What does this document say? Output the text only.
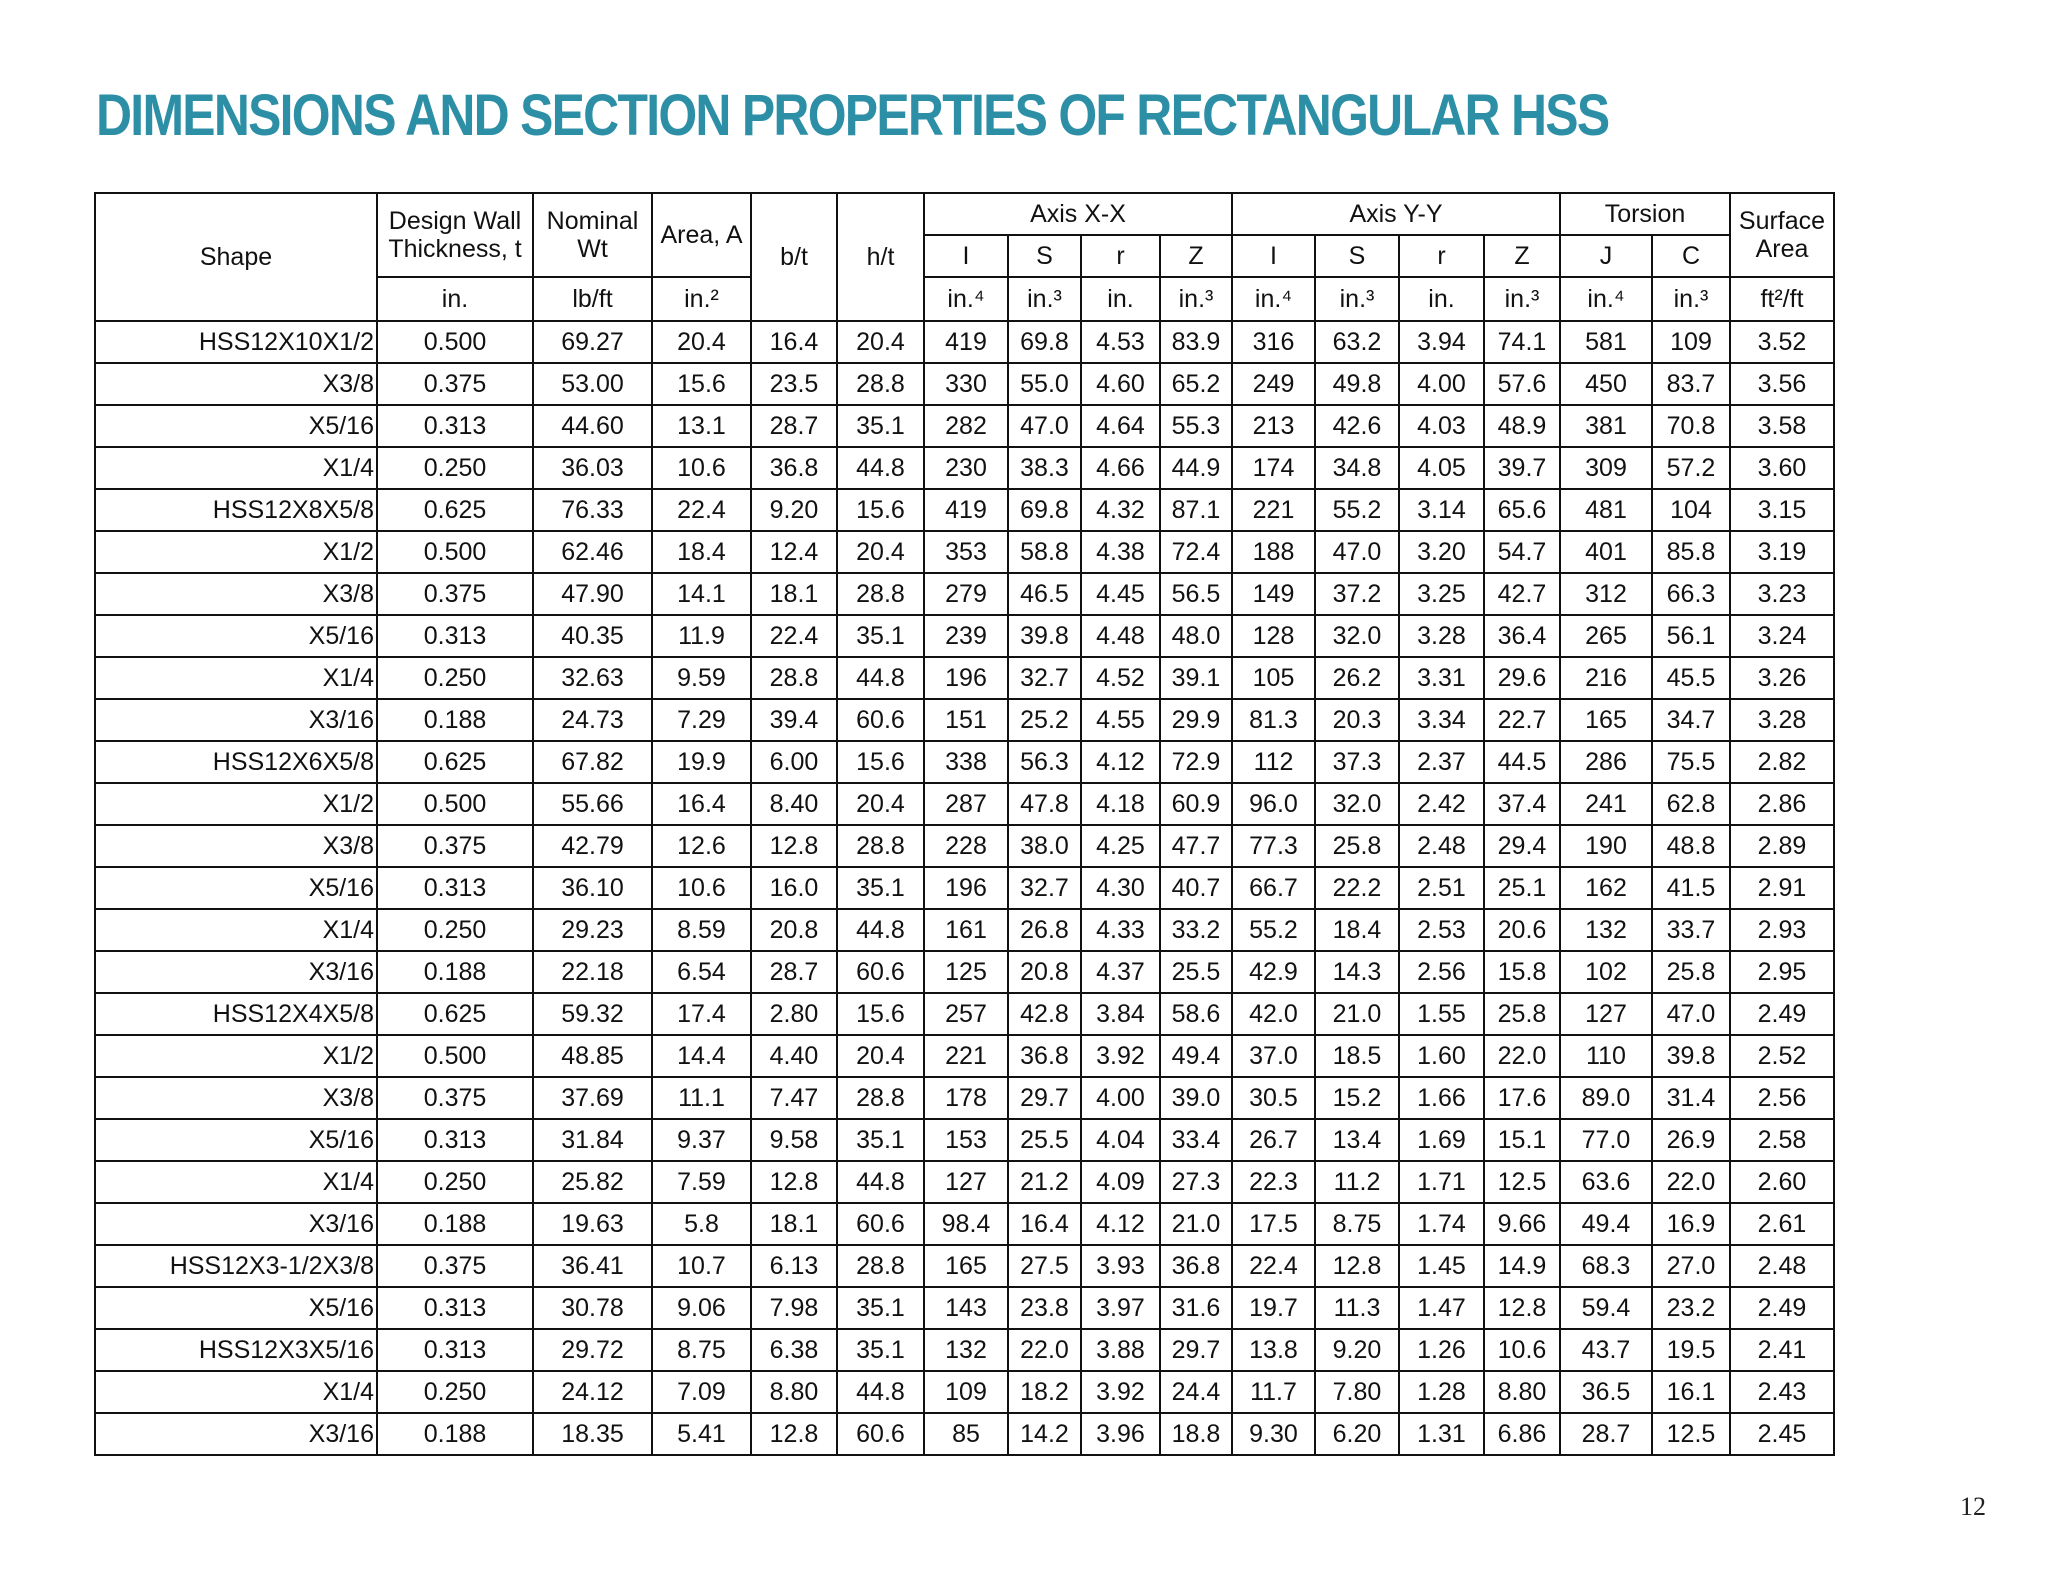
DIMENSIONS AND SECTION PROPERTIES OF RECTANGULAR HSS
Shape	Design Wall Thickness, t	Nominal Wt	Area, A	b/t	h/t	Axis X-X				Axis Y-Y				Torsion		Surface Area
						I	S	r	Z	I	S	r	Z	J	C	
	in.	lb/ft	in.²			in.⁴	in.³	in.	in.³	in.⁴	in.³	in.	in.³	in.⁴	in.³	ft²/ft
HSS12X10X1/2	0.500	69.27	20.4	16.4	20.4	419	69.8	4.53	83.9	316	63.2	3.94	74.1	581	109	3.52
X3/8	0.375	53.00	15.6	23.5	28.8	330	55.0	4.60	65.2	249	49.8	4.00	57.6	450	83.7	3.56
X5/16	0.313	44.60	13.1	28.7	35.1	282	47.0	4.64	55.3	213	42.6	4.03	48.9	381	70.8	3.58
X1/4	0.250	36.03	10.6	36.8	44.8	230	38.3	4.66	44.9	174	34.8	4.05	39.7	309	57.2	3.60
HSS12X8X5/8	0.625	76.33	22.4	9.20	15.6	419	69.8	4.32	87.1	221	55.2	3.14	65.6	481	104	3.15
X1/2	0.500	62.46	18.4	12.4	20.4	353	58.8	4.38	72.4	188	47.0	3.20	54.7	401	85.8	3.19
X3/8	0.375	47.90	14.1	18.1	28.8	279	46.5	4.45	56.5	149	37.2	3.25	42.7	312	66.3	3.23
X5/16	0.313	40.35	11.9	22.4	35.1	239	39.8	4.48	48.0	128	32.0	3.28	36.4	265	56.1	3.24
X1/4	0.250	32.63	9.59	28.8	44.8	196	32.7	4.52	39.1	105	26.2	3.31	29.6	216	45.5	3.26
X3/16	0.188	24.73	7.29	39.4	60.6	151	25.2	4.55	29.9	81.3	20.3	3.34	22.7	165	34.7	3.28
HSS12X6X5/8	0.625	67.82	19.9	6.00	15.6	338	56.3	4.12	72.9	112	37.3	2.37	44.5	286	75.5	2.82
X1/2	0.500	55.66	16.4	8.40	20.4	287	47.8	4.18	60.9	96.0	32.0	2.42	37.4	241	62.8	2.86
X3/8	0.375	42.79	12.6	12.8	28.8	228	38.0	4.25	47.7	77.3	25.8	2.48	29.4	190	48.8	2.89
X5/16	0.313	36.10	10.6	16.0	35.1	196	32.7	4.30	40.7	66.7	22.2	2.51	25.1	162	41.5	2.91
X1/4	0.250	29.23	8.59	20.8	44.8	161	26.8	4.33	33.2	55.2	18.4	2.53	20.6	132	33.7	2.93
X3/16	0.188	22.18	6.54	28.7	60.6	125	20.8	4.37	25.5	42.9	14.3	2.56	15.8	102	25.8	2.95
HSS12X4X5/8	0.625	59.32	17.4	2.80	15.6	257	42.8	3.84	58.6	42.0	21.0	1.55	25.8	127	47.0	2.49
X1/2	0.500	48.85	14.4	4.40	20.4	221	36.8	3.92	49.4	37.0	18.5	1.60	22.0	110	39.8	2.52
X3/8	0.375	37.69	11.1	7.47	28.8	178	29.7	4.00	39.0	30.5	15.2	1.66	17.6	89.0	31.4	2.56
X5/16	0.313	31.84	9.37	9.58	35.1	153	25.5	4.04	33.4	26.7	13.4	1.69	15.1	77.0	26.9	2.58
X1/4	0.250	25.82	7.59	12.8	44.8	127	21.2	4.09	27.3	22.3	11.2	1.71	12.5	63.6	22.0	2.60
X3/16	0.188	19.63	5.8	18.1	60.6	98.4	16.4	4.12	21.0	17.5	8.75	1.74	9.66	49.4	16.9	2.61
HSS12X3-1/2X3/8	0.375	36.41	10.7	6.13	28.8	165	27.5	3.93	36.8	22.4	12.8	1.45	14.9	68.3	27.0	2.48
X5/16	0.313	30.78	9.06	7.98	35.1	143	23.8	3.97	31.6	19.7	11.3	1.47	12.8	59.4	23.2	2.49
HSS12X3X5/16	0.313	29.72	8.75	6.38	35.1	132	22.0	3.88	29.7	13.8	9.20	1.26	10.6	43.7	19.5	2.41
X1/4	0.250	24.12	7.09	8.80	44.8	109	18.2	3.92	24.4	11.7	7.80	1.28	8.80	36.5	16.1	2.43
X3/16	0.188	18.35	5.41	12.8	60.6	85	14.2	3.96	18.8	9.30	6.20	1.31	6.86	28.7	12.5	2.45
12
